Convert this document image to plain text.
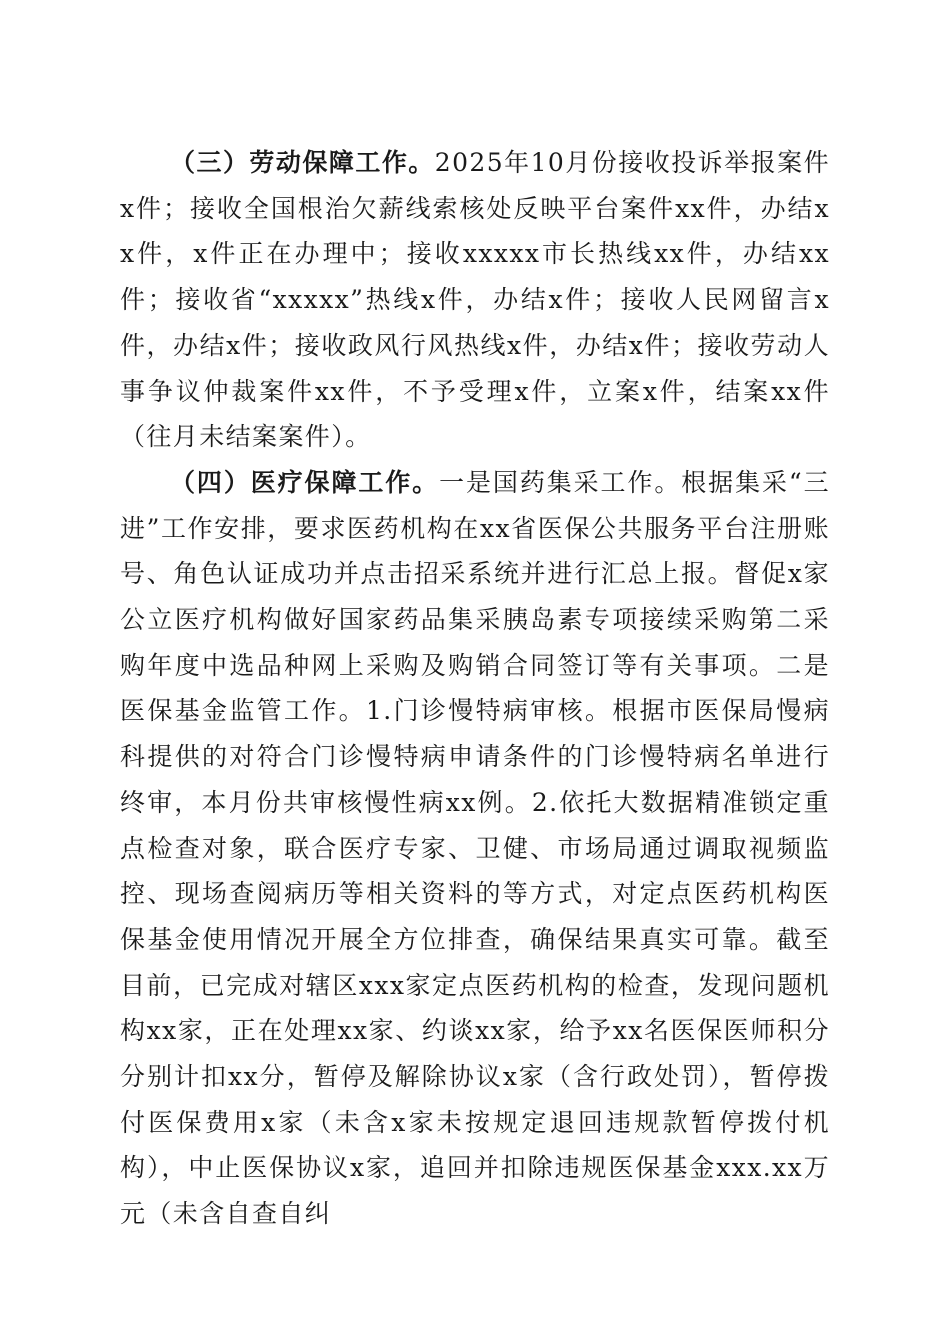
（三）劳动保障工作。2025年10月份接收投诉举报案件x件；接收全国根治欠薪线索核处反映平台案件xx件，办结xx件，x件正在办理中；接收xxxxx市长热线xx件，办结xx件；接收省“xxxxx”热线x件，办结x件；接收人民网留言x件，办结x件；接收政风行风热线x件，办结x件；接收劳动人事争议仲裁案件xx件，不予受理x件，立案x件，结案xx件（往月未结案案件）。

（四）医疗保障工作。一是国药集采工作。根据集采“三进”工作安排，要求医药机构在xx省医保公共服务平台注册账号、角色认证成功并点击招采系统并进行汇总上报。督促x家公立医疗机构做好国家药品集采胰岛素专项接续采购第二采购年度中选品种网上采购及购销合同签订等有关事项。二是医保基金监管工作。1.门诊慢特病审核。根据市医保局慢病科提供的对符合门诊慢特病申请条件的门诊慢特病名单进行终审，本月份共审核慢性病xx例。2.依托大数据精准锁定重点检查对象，联合医疗专家、卫健、市场局通过调取视频监控、现场查阅病历等相关资料的等方式，对定点医药机构医保基金使用情况开展全方位排查，确保结果真实可靠。截至目前，已完成对辖区xxx家定点医药机构的检查，发现问题机构xx家，正在处理xx家、约谈xx家，给予xx名医保医师积分分别计扣xx分，暂停及解除协议x家（含行政处罚），暂停拨付医保费用x家（未含x家未按规定退回违规款暂停拨付机构），中止医保协议x家，追回并扣除违规医保基金xxx.xx万元（未含自查自纠
